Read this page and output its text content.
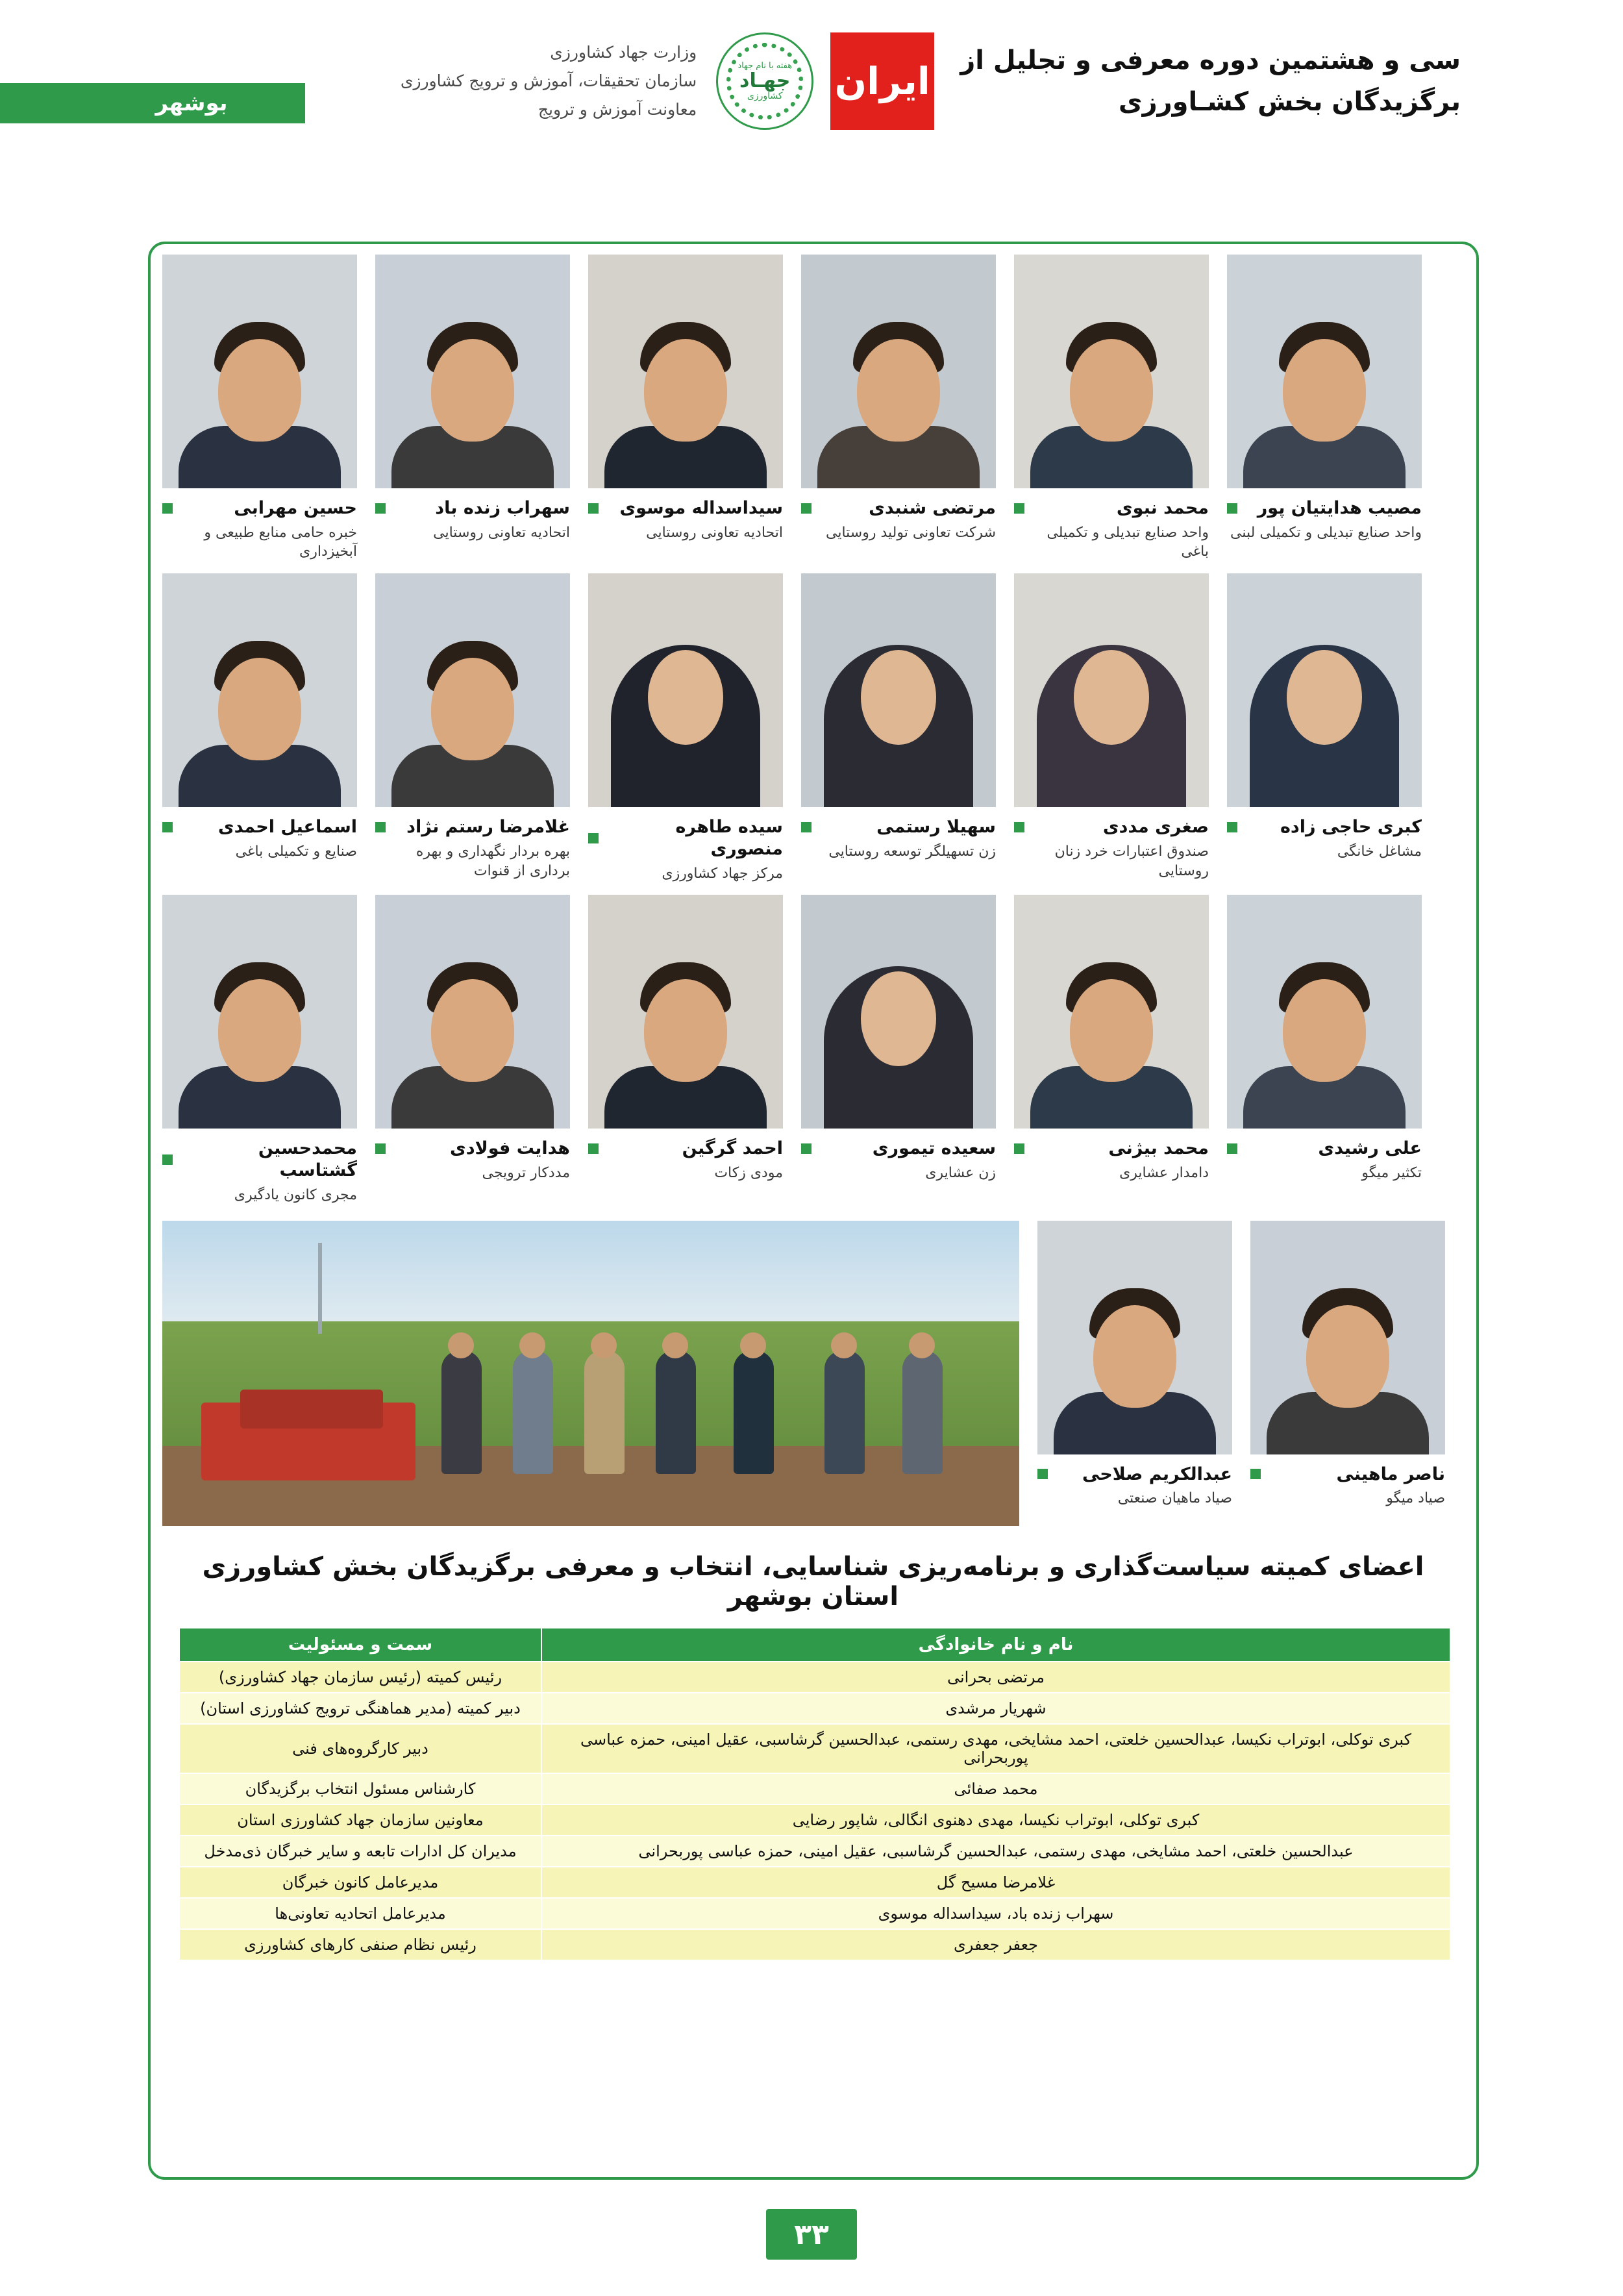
سی و هشتمین دوره معرفی و تجلیل از
برگزیدگان بخش کشـاورزی
ایران
هفته با نام جهاد
جهـاد
کشاورزی
وزارت جهاد کشاورزی
سازمان تحقیقات، آموزش و ترویج کشاورزی
معاونت آموزش و ترویج
بوشهر
حسین مهرابی
خبره حامی منابع طبیعی و آبخیزداری
سهراب زنده باد
اتحادیه تعاونی روستایی
سیداسداله موسوی
اتحادیه تعاونی روستایی
مرتضی شنبدی
شرکت تعاونی تولید روستایی
محمد نبوی
واحد صنایع تبدیلی و تکمیلی باغی
مصیب هدایتیان پور
واحد صنایع تبدیلی و تکمیلی لبنی
اسماعیل احمدی
صنایع و تکمیلی باغی
غلامرضا رستم نژاد
بهره بردار نگهداری و بهره برداری از قنوات
سیده طاهره منصوری
مرکز جهاد کشاورزی
سهیلا رستمی
زن تسهیلگر توسعه روستایی
صغری مددی
صندوق اعتبارات خرد زنان روستایی
کبری حاجی زاده
مشاغل خانگی
محمدحسین گشتاسب
مجری کانون یادگیری
هدایت فولادی
مددکار ترویجی
احمد گرگین
مودی زکات
سعیده تیموری
زن عشایری
محمد بیژنی
دامدار عشایری
علی رشیدی
تکثیر میگو
عبدالکریم صلاحی
صیاد ماهیان صنعتی
ناصر ماهینی
صیاد میگو
اعضای کمیته سیاست‌گذاری و برنامه‌ریزی شناسایی، انتخاب و معرفی برگزیدگان بخش کشاورزی استان بوشهر
نام و نام خانوادگی	سمت و مسئولیت
مرتضی بحرانی	رئیس کمیته (رئیس سازمان جهاد کشاورزی)
شهریار مرشدی	دبیر کمیته (مدیر هماهنگی ترویج کشاورزی استان)
کبری توکلی، ابوتراب نکیسا، عبدالحسین خلعتی، احمد مشایخی، مهدی رستمی، عبدالحسین گرشاسبی، عقیل امینی، حمزه عباسی پوربحرانی	دبیر کارگروه‌های فنی
محمد صفائی	کارشناس مسئول انتخاب برگزیدگان
کبری توکلی، ابوتراب نکیسا، مهدی دهنوی انگالی، شاپور رضایی	معاونین سازمان جهاد کشاورزی استان
عبدالحسین خلعتی، احمد مشایخی، مهدی رستمی، عبدالحسین گرشاسبی، عقیل امینی، حمزه عباسی پوربحرانی	مدیران کل ادارات تابعه و سایر خبرگان ذی‌مدخل
غلامرضا مسیح گل	مدیرعامل کانون خبرگان
سهراب زنده باد، سیداسداله موسوی	مدیرعامل اتحادیه تعاونی‌ها
جعفر جعفری	رئیس نظام صنفی کارهای کشاورزی
۳۳
